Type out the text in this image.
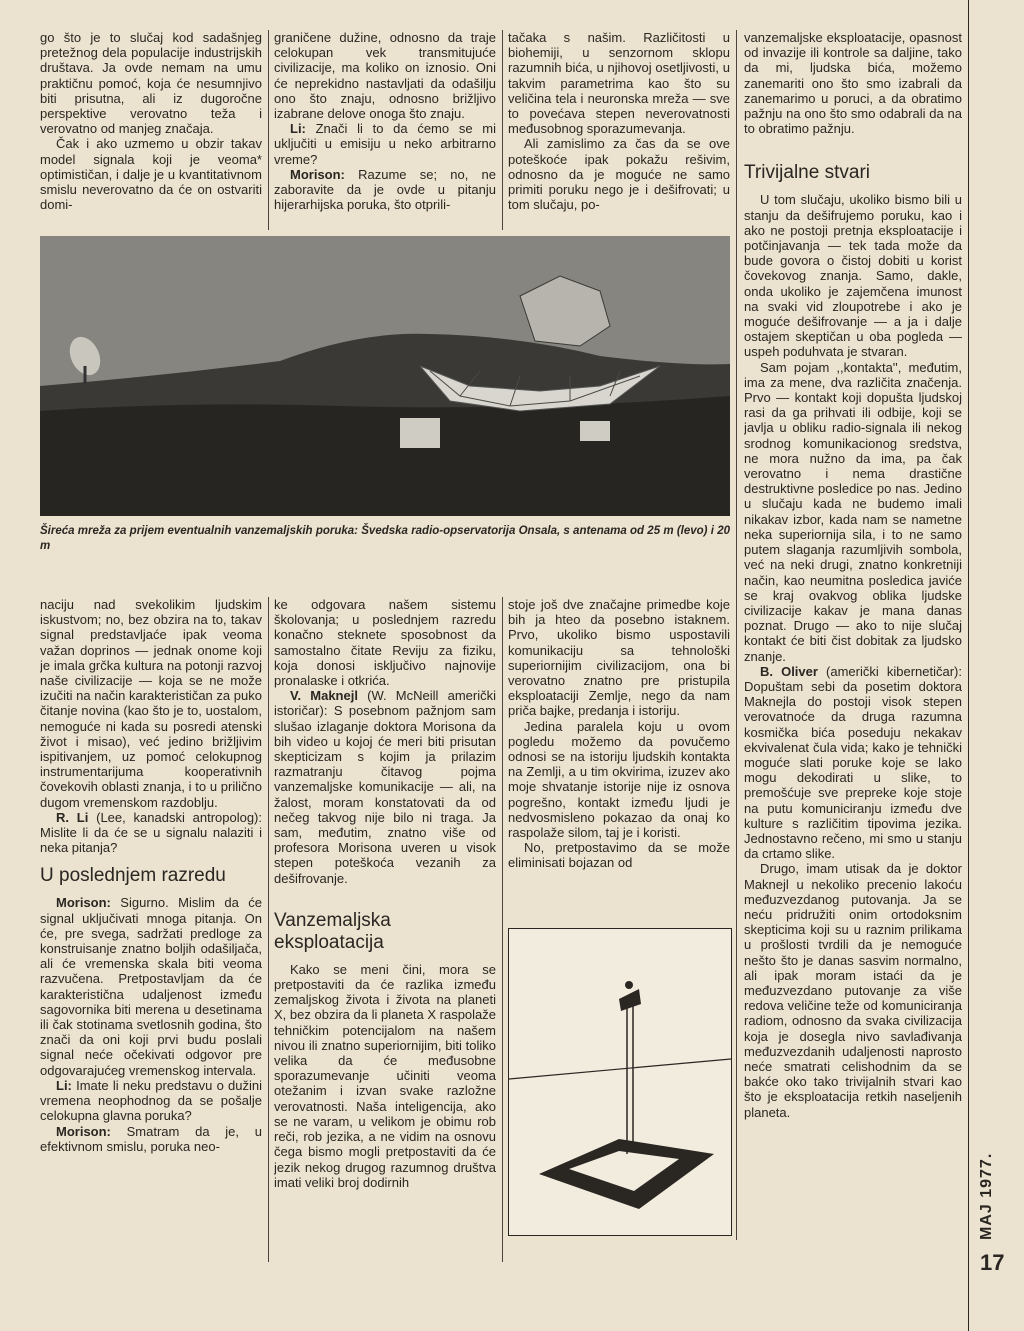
go što je to slučaj kod sadašnjeg pretežnog dela populacije industrijskih društava. Ja ovde nemam na umu praktičnu pomoć, koja će nesumnjivo biti prisutna, ali iz dugoročne perspektive verovatno teža i verovatno od manjeg značaja.

Čak i ako uzmemo u obzir takav model signala koji je veoma* optimističan, i dalje je u kvantitativnom smislu neverovatno da će on ostvariti domi-

graničene dužine, odnosno da traje celokupan vek transmitujuće civilizacije, ma koliko on iznosio. Oni će neprekidno nastavljati da odašilju ono što znaju, odnosno brižljivo izabrane delove onoga što znaju.

Li: Znači li to da ćemo se mi uključiti u emisiju u neko arbitrarno vreme?

Morison: Razume se; no, ne zaboravite da je ovde u pitanju hijerarhijska poruka, što otprili-

tačaka s našim. Različitosti u biohemiji, u senzornom sklopu razumnih bića, u njihovoj osetljivosti, u takvim parametrima kao što su veličina tela i neuronska mreža — sve to povećava stepen neverovatnosti međusobnog sporazumevanja.

Ali zamislimo za čas da se ove poteškoće ipak pokažu rešivim, odnosno da je moguće ne samo primiti poruku nego je i dešifrovati; u tom slučaju, po-

Šireća mreža za prijem eventualnih vanzemaljskih poruka: Švedska radio-opservatorija Onsala, s antenama od 25 m (levo) i 20 m

vanzemaljske eksploatacije, opasnost od invazije ili kontrole sa daljine, tako da mi, ljudska bića, možemo zanemariti ono što smo izabrali da zanemarimo u poruci, a da obratimo pažnju na ono što smo odabrali da na to obratimo pažnju.

Trivijalne stvari

U tom slučaju, ukoliko bismo bili u stanju da dešifrujemo poruku, kao i ako ne postoji pretnja eksploatacije i potčinjavanja — tek tada može da bude govora o čistoj dobiti u korist čovekovog znanja. Samo, dakle, onda ukoliko je zajemčena imunost na svaki vid zloupotrebe i ako je moguće dešifrovanje — a ja i dalje ostajem skeptičan u oba pogleda — uspeh poduhvata je stvaran.

Sam pojam ,,kontakta'', međutim, ima za mene, dva različita značenja. Prvo — kontakt koji dopušta ljudskoj rasi da ga prihvati ili odbije, koji se javlja u obliku radio-signala ili nekog srodnog komunikacionog sredstva, ne mora nužno da ima, pa čak verovatno i nema drastične destruktivne posledice po nas. Jedino u slučaju kada ne budemo imali nikakav izbor, kada nam se nametne neka superiornija sila, i to ne samo putem slaganja razumljivih sombola, već na neki drugi, znatno konkretniji način, kao neumitna posledica javiće se kraj ovakvog oblika ljudske civilizacije kakav je mana danas poznat. Drugo — ako to nije slučaj kontakt će biti čist dobitak za ljudsko znanje.

B. Oliver (američki kibernetičar): Dopuštam sebi da posetim doktora Maknejla do postoji visok stepen verovatnoće da druga razumna kosmička bića poseduju nekakav ekvivalenat čula vida; kako je tehnički moguće slati poruke koje se lako mogu dekodirati u slike, to premošćuje sve prepreke koje stoje na putu komuniciranju između dve kulture s različitim tipovima jezika. Jednostavno rečeno, mi smo u stanju da crtamo slike.

Drugo, imam utisak da je doktor Maknejl u nekoliko precenio lakoću međuzvezdanog putovanja. Ja se neću pridružiti onim ortodoksnim skepticima koji su u raznim prilikama u prošlosti tvrdili da je nemoguće nešto što je danas sasvim normalno, ali ipak moram istaći da je međuzvezdano putovanje za više redova veličine teže od komuniciranja radiom, odnosno da svaka civilizacija koja je dosegla nivo savlađivanja međuzvezdanih udaljenosti naprosto neće smatrati celishodnim da se bakće oko tako trivijalnih stvari kao što je eksploatacija retkih naseljenih planeta.

naciju nad svekolikim ljudskim iskustvom; no, bez obzira na to, takav signal predstavljaće ipak veoma važan doprinos — jednak onome koji je imala grčka kultura na potonji razvoj naše civilizacije — koja se ne može izučiti na način karakterističan za puko čitanje novina (kao što je to, uostalom, nemoguće ni kada su posredi atenski život i misao), već jedino brižljivim ispitivanjem, uz pomoć celokupnog instrumentarijuma kooperativnih čovekovih oblasti znanja, i to u prilično dugom vremenskom razdoblju.

R. Li (Lee, kanadski antropolog): Mislite li da će se u signalu nalaziti i neka pitanja?

U poslednjem razredu

Morison: Sigurno. Mislim da će signal uključivati mnoga pitanja. On će, pre svega, sadržati predloge za konstruisanje znatno boljih odašiljača, ali će vremenska skala biti veoma razvučena. Pretpostavljam da će karakteristična udaljenost između sagovornika biti merena u desetinama ili čak stotinama svetlosnih godina, što znači da oni koji prvi budu poslali signal neće očekivati odgovor pre odgovarajućeg vremenskog intervala.

Li: Imate li neku predstavu o dužini vremena neophodnog da se pošalje celokupna glavna poruka?

Morison: Smatram da je, u efektivnom smislu, poruka neo-

ke odgovara našem sistemu školovanja; u poslednjem razredu konačno steknete sposobnost da samostalno čitate Reviju za fiziku, koja donosi isključivo najnovije pronalaske i otkrića.

V. Maknejl (W. McNeill američki istoričar): S posebnom pažnjom sam slušao izlaganje doktora Morisona da bih video u kojoj će meri biti prisutan skepticizam s kojim ja prilazim razmatranju čitavog pojma vanzemaljske komunikacije — ali, na žalost, moram konstatovati da od nečeg takvog nije bilo ni traga. Ja sam, međutim, znatno više od profesora Morisona uveren u visok stepen poteškoća vezanih za dešifrovanje.

Vanzemaljska eksploatacija

Kako se meni čini, mora se pretpostaviti da će razlika između zemaljskog života i života na planeti X, bez obzira da li planeta X raspolaže tehničkim potencijalom na našem nivou ili znatno superiornijim, biti toliko velika da će međusobne sporazumevanje učiniti veoma otežanim i izvan svake razložne verovatnosti. Naša inteligencija, ako se ne varam, u velikom je obimu rob reči, rob jezika, a ne vidim na osnovu čega bismo mogli pretpostaviti da će jezik nekog drugog razumnog društva imati veliki broj dodirnih

stoje još dve značajne primedbe koje bih ja hteo da posebno istaknem. Prvo, ukoliko bismo uspostavili komunikaciju sa tehnološki superiornijim civilizacijom, ona bi verovatno znatno pre pristupila eksploataciji Zemlje, nego da nam priča bajke, predanja i istoriju.

Jedina paralela koju u ovom pogledu možemo da povučemo odnosi se na istoriju ljudskih kontakta na Zemlji, a u tim okvirima, izuzev ako moje shvatanje istorije nije iz osnova pogrešno, kontakt između ljudi je nedvosmisleno pokazao da onaj ko raspolaže silom, taj je i koristi.

No, pretpostavimo da se može eliminisati bojazan od

MAJ 1977.
17
